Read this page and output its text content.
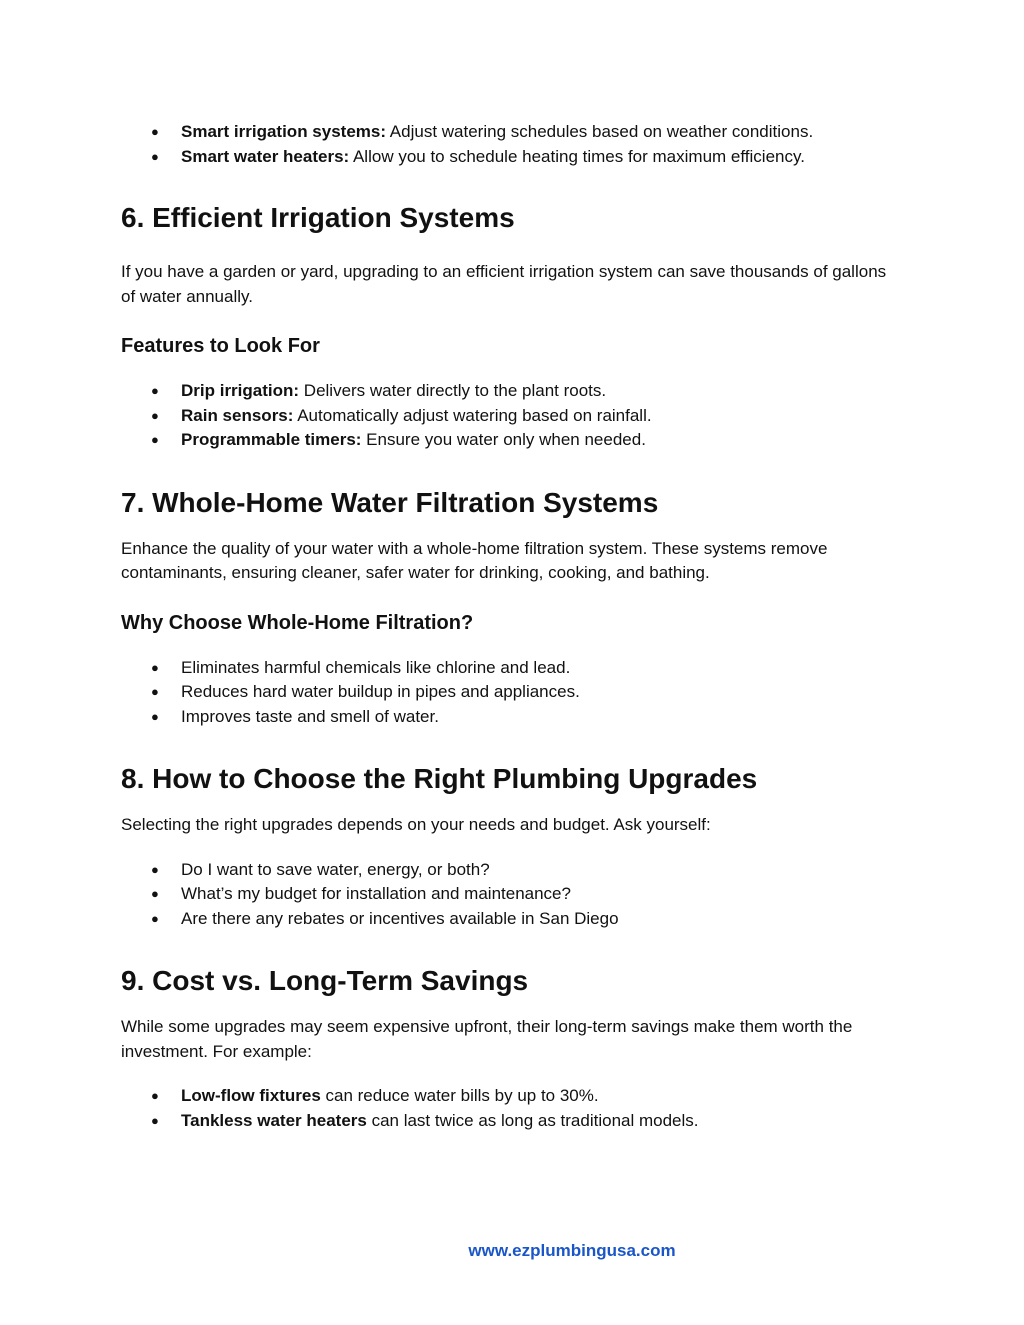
● Smart irrigation systems: Adjust watering schedules based on weather conditions.
● Smart water heaters: Allow you to schedule heating times for maximum efficiency.
6. Efficient Irrigation Systems

If you have a garden or yard, upgrading to an efficient irrigation system can save thousands of gallons of water annually.

Features to Look For
● Drip irrigation: Delivers water directly to the plant roots.
● Rain sensors: Automatically adjust watering based on rainfall.
● Programmable timers: Ensure you water only when needed.
7. Whole-Home Water Filtration Systems

Enhance the quality of your water with a whole-home filtration system. These systems remove contaminants, ensuring cleaner, safer water for drinking, cooking, and bathing.

Why Choose Whole-Home Filtration?
● Eliminates harmful chemicals like chlorine and lead.
● Reduces hard water buildup in pipes and appliances.
● Improves taste and smell of water.
8. How to Choose the Right Plumbing Upgrades

Selecting the right upgrades depends on your needs and budget. Ask yourself:

● Do I want to save water, energy, or both?
● What’s my budget for installation and maintenance?
● Are there any rebates or incentives available in San Diego
9. Cost vs. Long-Term Savings

While some upgrades may seem expensive upfront, their long-term savings make them worth the investment. For example:

● Low-flow fixtures can reduce water bills by up to 30%.
● Tankless water heaters can last twice as long as traditional models.
www.ezplumbingusa.com
